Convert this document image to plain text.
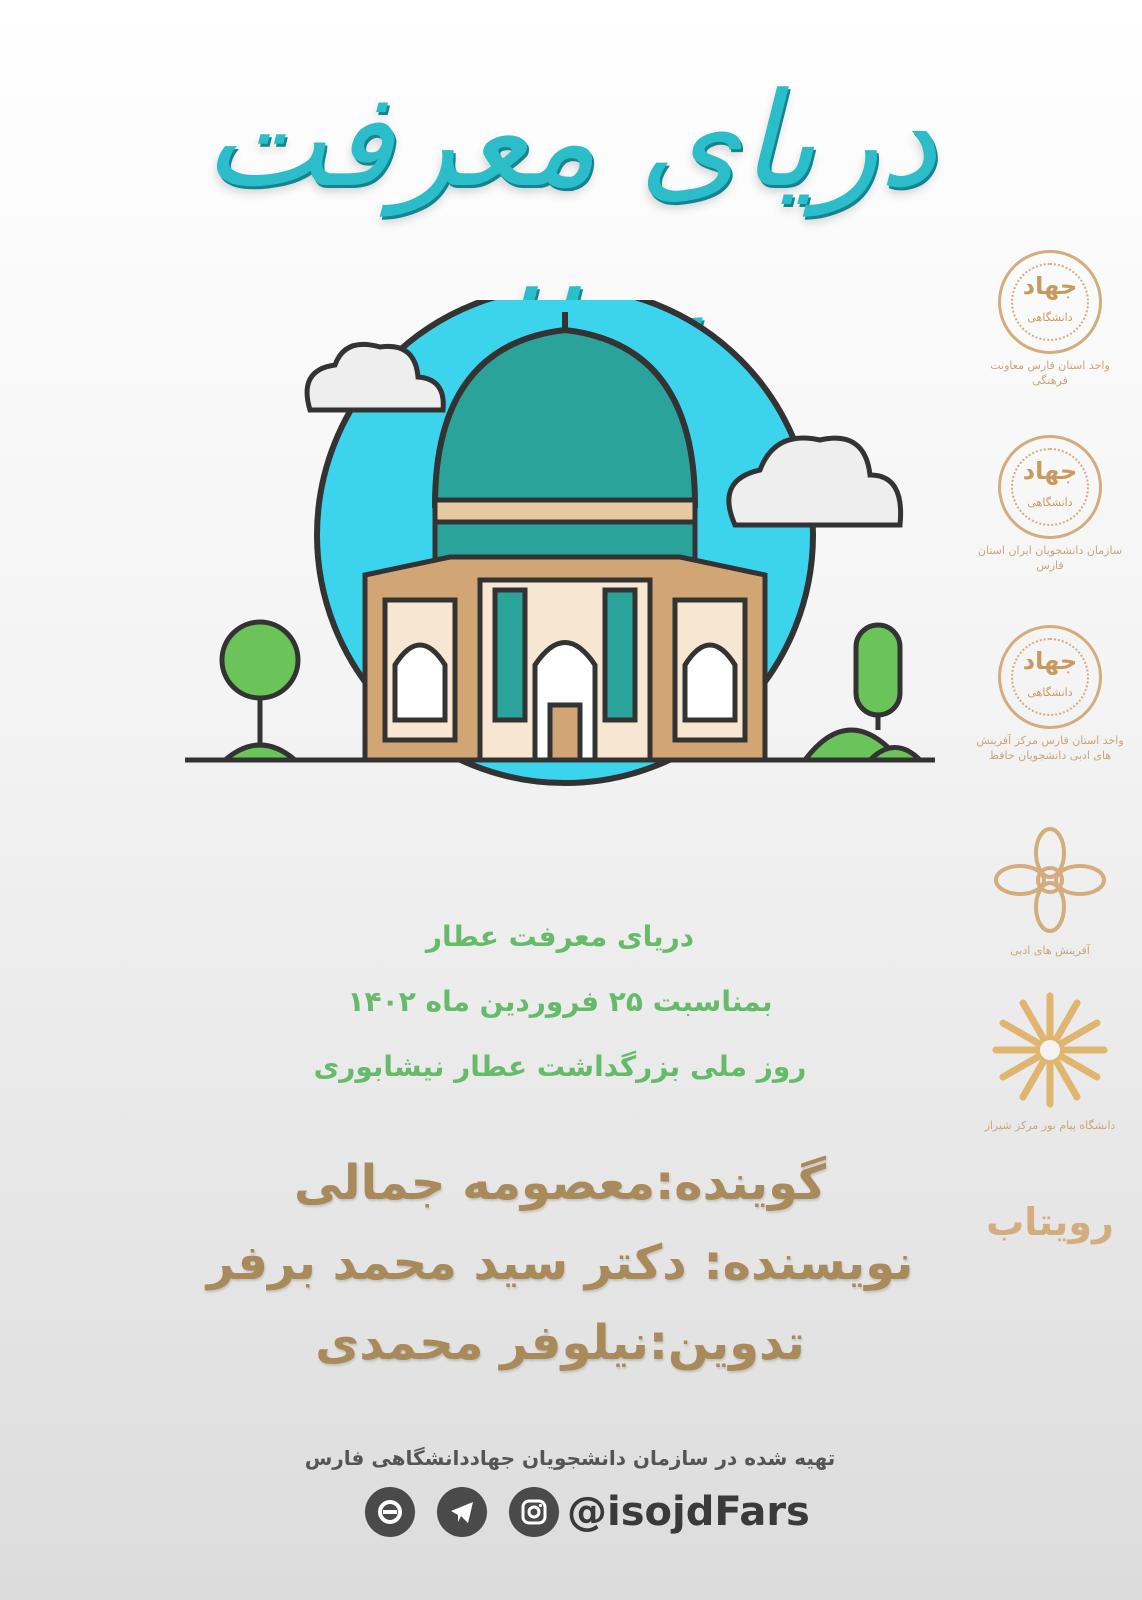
دریای معرفت
جهاد
دانشگاهی
واحد استان فارس معاونت فرهنگی
جهاد
دانشگاهی
سازمان دانشجویان ایران استان فارس
جهاد
دانشگاهی
واحد استان فارس مرکز آفرینش های ادبی دانشجویان حافظ
آفرینش های ادبی
دانشگاه پیام نور مرکز شیراز
رویتاب
دریای معرفت عطار
بمناسبت ۲۵ فروردین ماه ۱۴۰۲
روز ملی بزرگداشت عطار نیشابوری
گوینده:معصومه جمالی
نویسنده: دکتر سید محمد برفر
تدوین:نیلوفر محمدی
تهیه شده در سازمان دانشجویان جهاددانشگاهی فارس
@isojdFars
